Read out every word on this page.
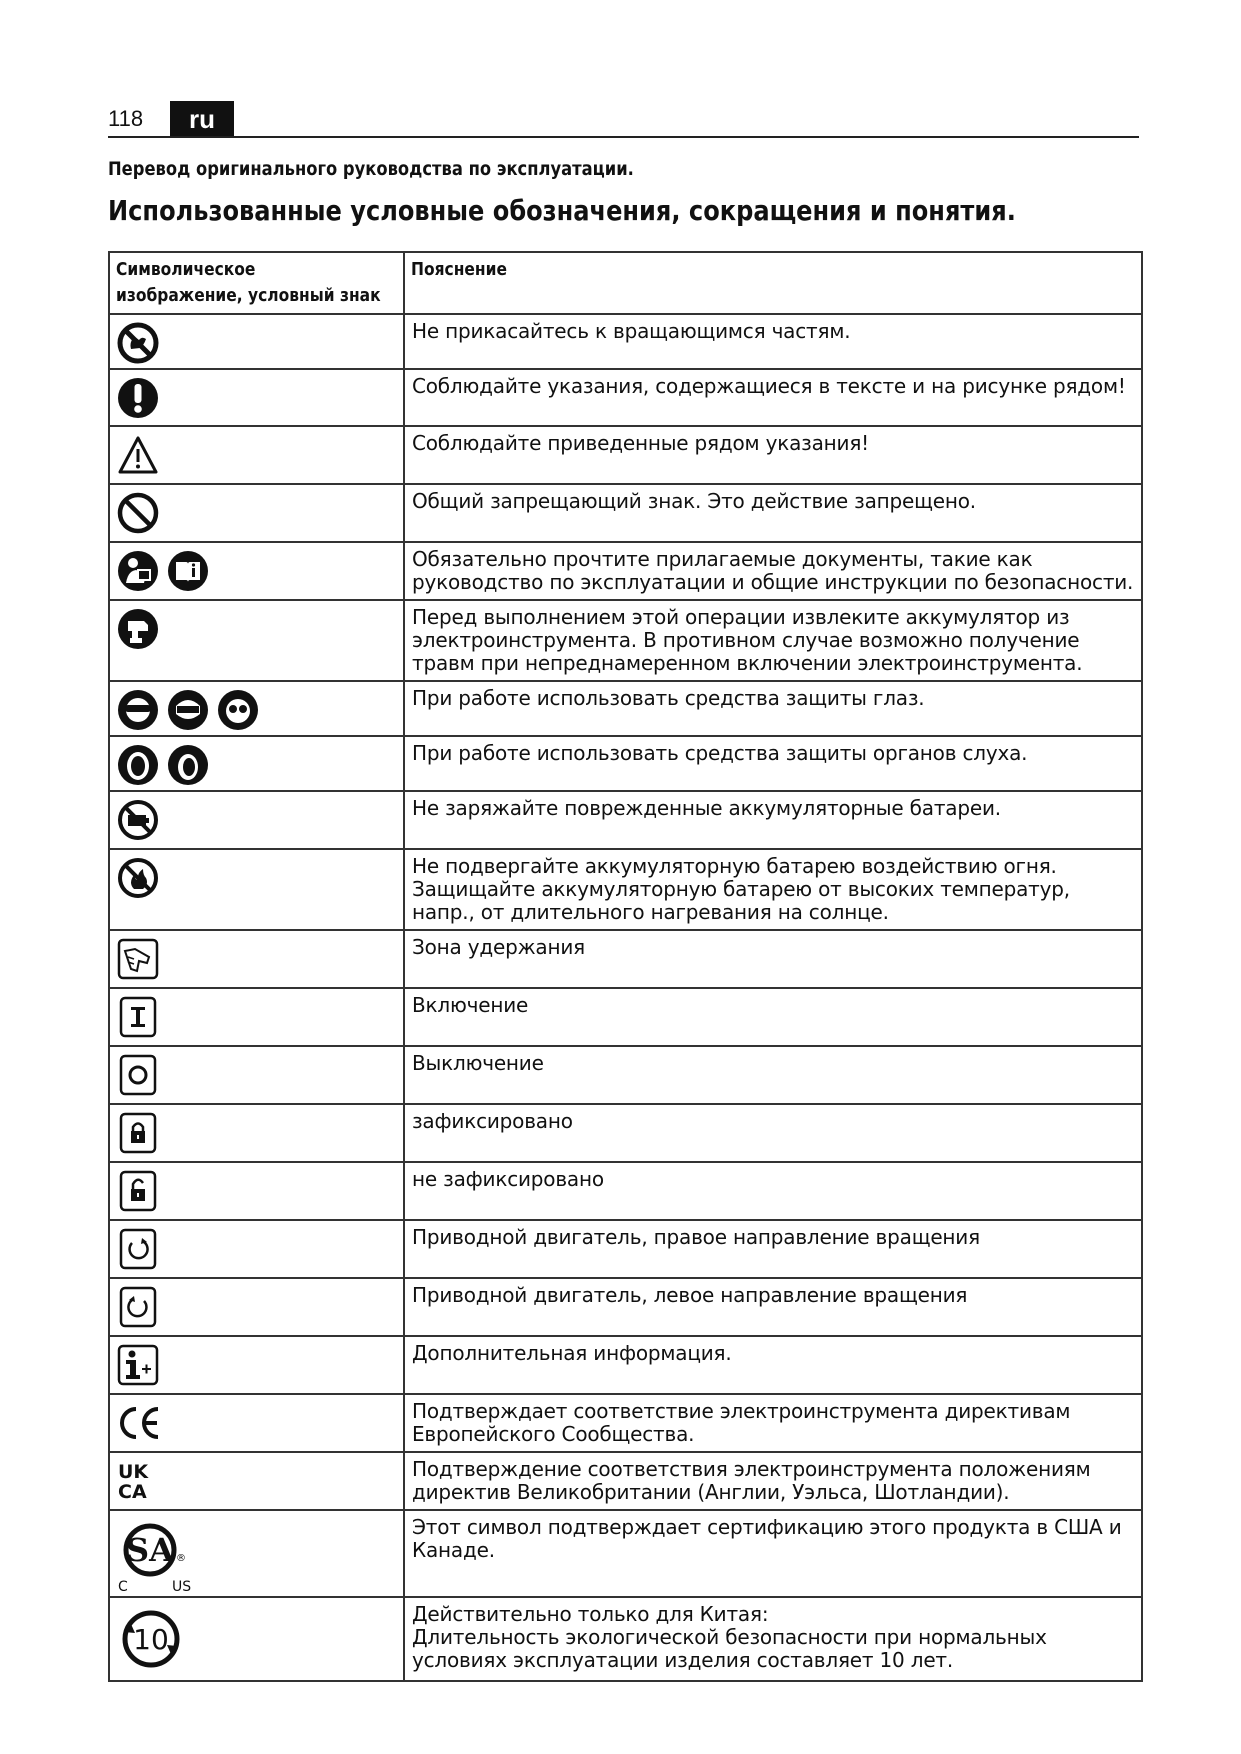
118	ru
Перевод оригинального руководства по эксплуатации.
Использованные условные обозначения, сокращения и понятия.
Символическое изображение, условный знак	Пояснение

	Не прикасайтесь к вращающимся частям.

	Соблюдайте указания, содержащиеся в тексте и на рисунке рядом!

	Соблюдайте приведенные рядом указания!

	Общий запрещающий знак. Это действие запрещено.

	Обязательно прочтите прилагаемые документы, такие как руководство по эксплуатации и общие инструкции по безопасности.

	Перед выполнением этой операции извлеките аккумулятор из электроинструмента. В противном случае возможно получение травм при непреднамеренном включении электроинструмента.

	При работе использовать средства защиты глаз.

	При работе использовать средства защиты органов слуха.

	Не заряжайте поврежденные аккумуляторные батареи.

	Не подвергайте аккумуляторную батарею воздействию огня. Защищайте аккумуляторную батарею от высоких температур, напр., от длительного нагревания на солнце.

	Зона удержания

	Включение

	Выключение

	зафиксировано

	не зафиксировано

	Приводной двигатель, правое направление вращения

	Приводной двигатель, левое направление вращения

	Дополнительная информация.

	Подтверждает соответствие электроинструмента директивам Европейского Сообщества.

UK
CA	Подтверждение соответствия электроинструмента положениям директив Великобритании (Англии, Уэльса, Шотландии).

SA ®
C US	Этот символ подтверждает сертификацию этого продукта в США и Канаде.

10	Действительно только для Китая:
Длительность экологической безопасности при нормальных условиях эксплуатации изделия составляет 10 лет.
